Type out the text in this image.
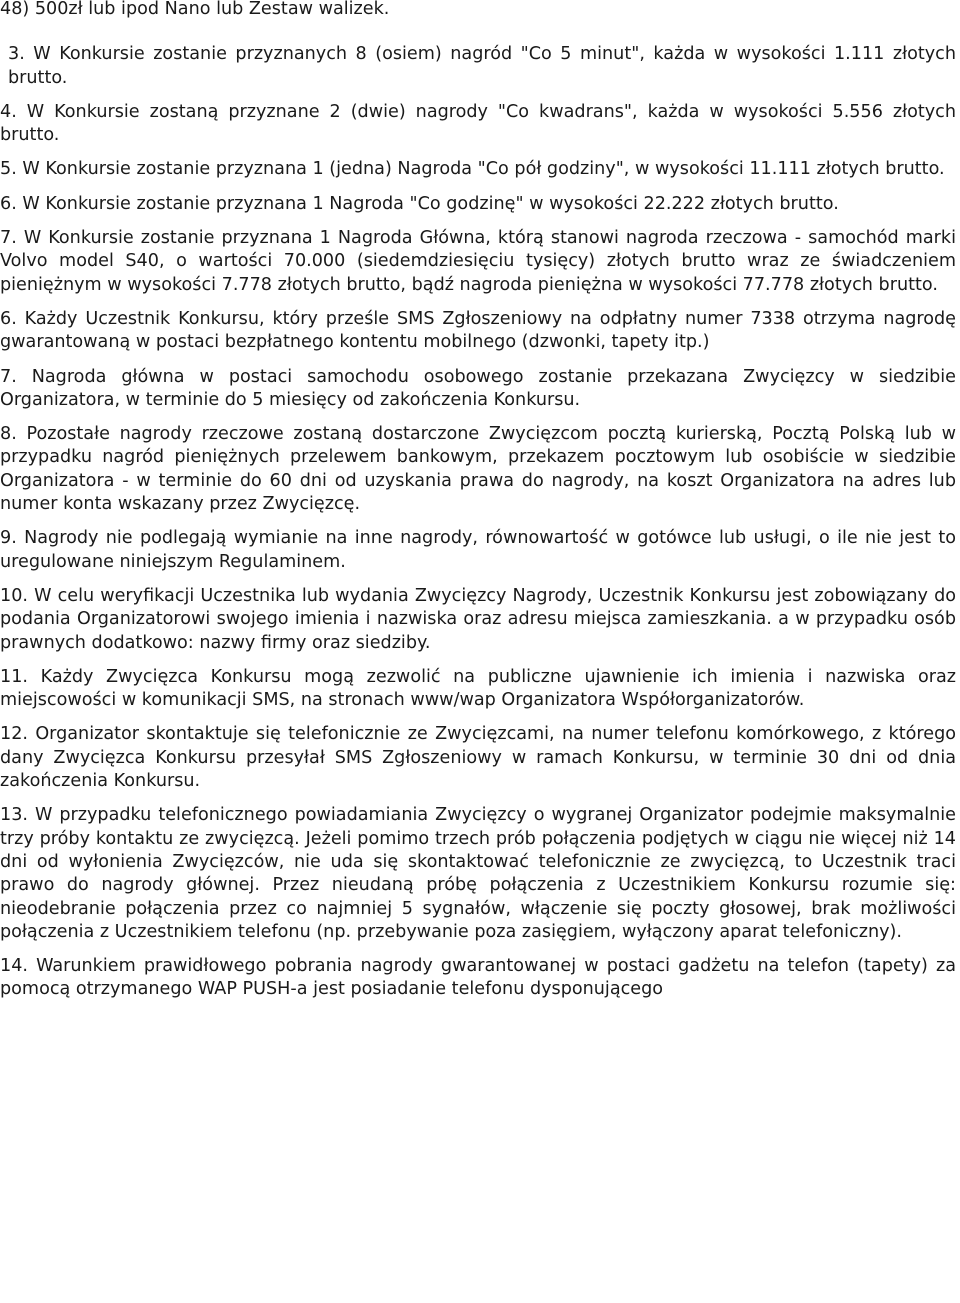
48) 500zł lub ipod Nano lub Zestaw walizek.

3. W Konkursie zostanie przyznanych 8 (osiem) nagród "Co 5 minut", każda w wysokości 1.111 złotych brutto.

4. W Konkursie zostaną przyznane 2 (dwie) nagrody "Co kwadrans", każda w wysokości 5.556 złotych brutto.

5. W Konkursie zostanie przyznana 1 (jedna) Nagroda "Co pół godziny", w wysokości 11.111 złotych brutto.

6. W Konkursie zostanie przyznana 1 Nagroda "Co godzinę" w wysokości 22.222 złotych brutto.

7. W Konkursie zostanie przyznana 1 Nagroda Główna, którą stanowi nagroda rzeczowa - samochód marki Volvo model S40, o wartości 70.000 (siedemdziesięciu tysięcy) złotych brutto wraz ze świadczeniem pieniężnym w wysokości 7.778 złotych brutto, bądź nagroda pieniężna w wysokości 77.778 złotych brutto.

6. Każdy Uczestnik Konkursu, który prześle SMS Zgłoszeniowy na odpłatny numer 7338 otrzyma nagrodę gwarantowaną w postaci bezpłatnego kontentu mobilnego (dzwonki, tapety itp.)

7. Nagroda główna w postaci samochodu osobowego zostanie przekazana Zwycięzcy w siedzibie Organizatora, w terminie do 5 miesięcy od zakończenia Konkursu.

8. Pozostałe nagrody rzeczowe zostaną dostarczone Zwycięzcom pocztą kurierską, Pocztą Polską lub w przypadku nagród pieniężnych przelewem bankowym, przekazem pocztowym lub osobiście w siedzibie Organizatora - w terminie do 60 dni od uzyskania prawa do nagrody, na koszt Organizatora na adres lub numer konta wskazany przez Zwycięzcę.

9. Nagrody nie podlegają wymianie na inne nagrody, równowartość w gotówce lub usługi, o ile nie jest to uregulowane niniejszym Regulaminem.

10. W celu weryfikacji Uczestnika lub wydania Zwycięzcy Nagrody, Uczestnik Konkursu jest zobowiązany do podania Organizatorowi swojego imienia i nazwiska oraz adresu miejsca zamieszkania. a w przypadku osób prawnych dodatkowo: nazwy firmy oraz siedziby.

11. Każdy Zwycięzca Konkursu mogą zezwolić na publiczne ujawnienie ich imienia i nazwiska oraz miejscowości w komunikacji SMS, na stronach www/wap Organizatora Współorganizatorów.

12. Organizator skontaktuje się telefonicznie ze Zwycięzcami, na numer telefonu komórkowego, z którego dany Zwycięzca Konkursu przesyłał SMS Zgłoszeniowy w ramach Konkursu, w terminie 30 dni od dnia zakończenia Konkursu.

13. W przypadku telefonicznego powiadamiania Zwycięzcy o wygranej Organizator podejmie maksymalnie trzy próby kontaktu ze zwycięzcą. Jeżeli pomimo trzech prób połączenia podjętych w ciągu nie więcej niż 14 dni od wyłonienia Zwycięzców, nie uda się skontaktować telefonicznie ze zwycięzcą, to Uczestnik traci prawo do nagrody głównej. Przez nieudaną próbę połączenia z Uczestnikiem Konkursu rozumie się: nieodebranie połączenia przez co najmniej 5 sygnałów, włączenie się poczty głosowej, brak możliwości połączenia z Uczestnikiem telefonu (np. przebywanie poza zasięgiem, wyłączony aparat telefoniczny).

14. Warunkiem prawidłowego pobrania nagrody gwarantowanej w postaci gadżetu na telefon (tapety) za pomocą otrzymanego WAP PUSH-a jest posiadanie telefonu dysponującego
